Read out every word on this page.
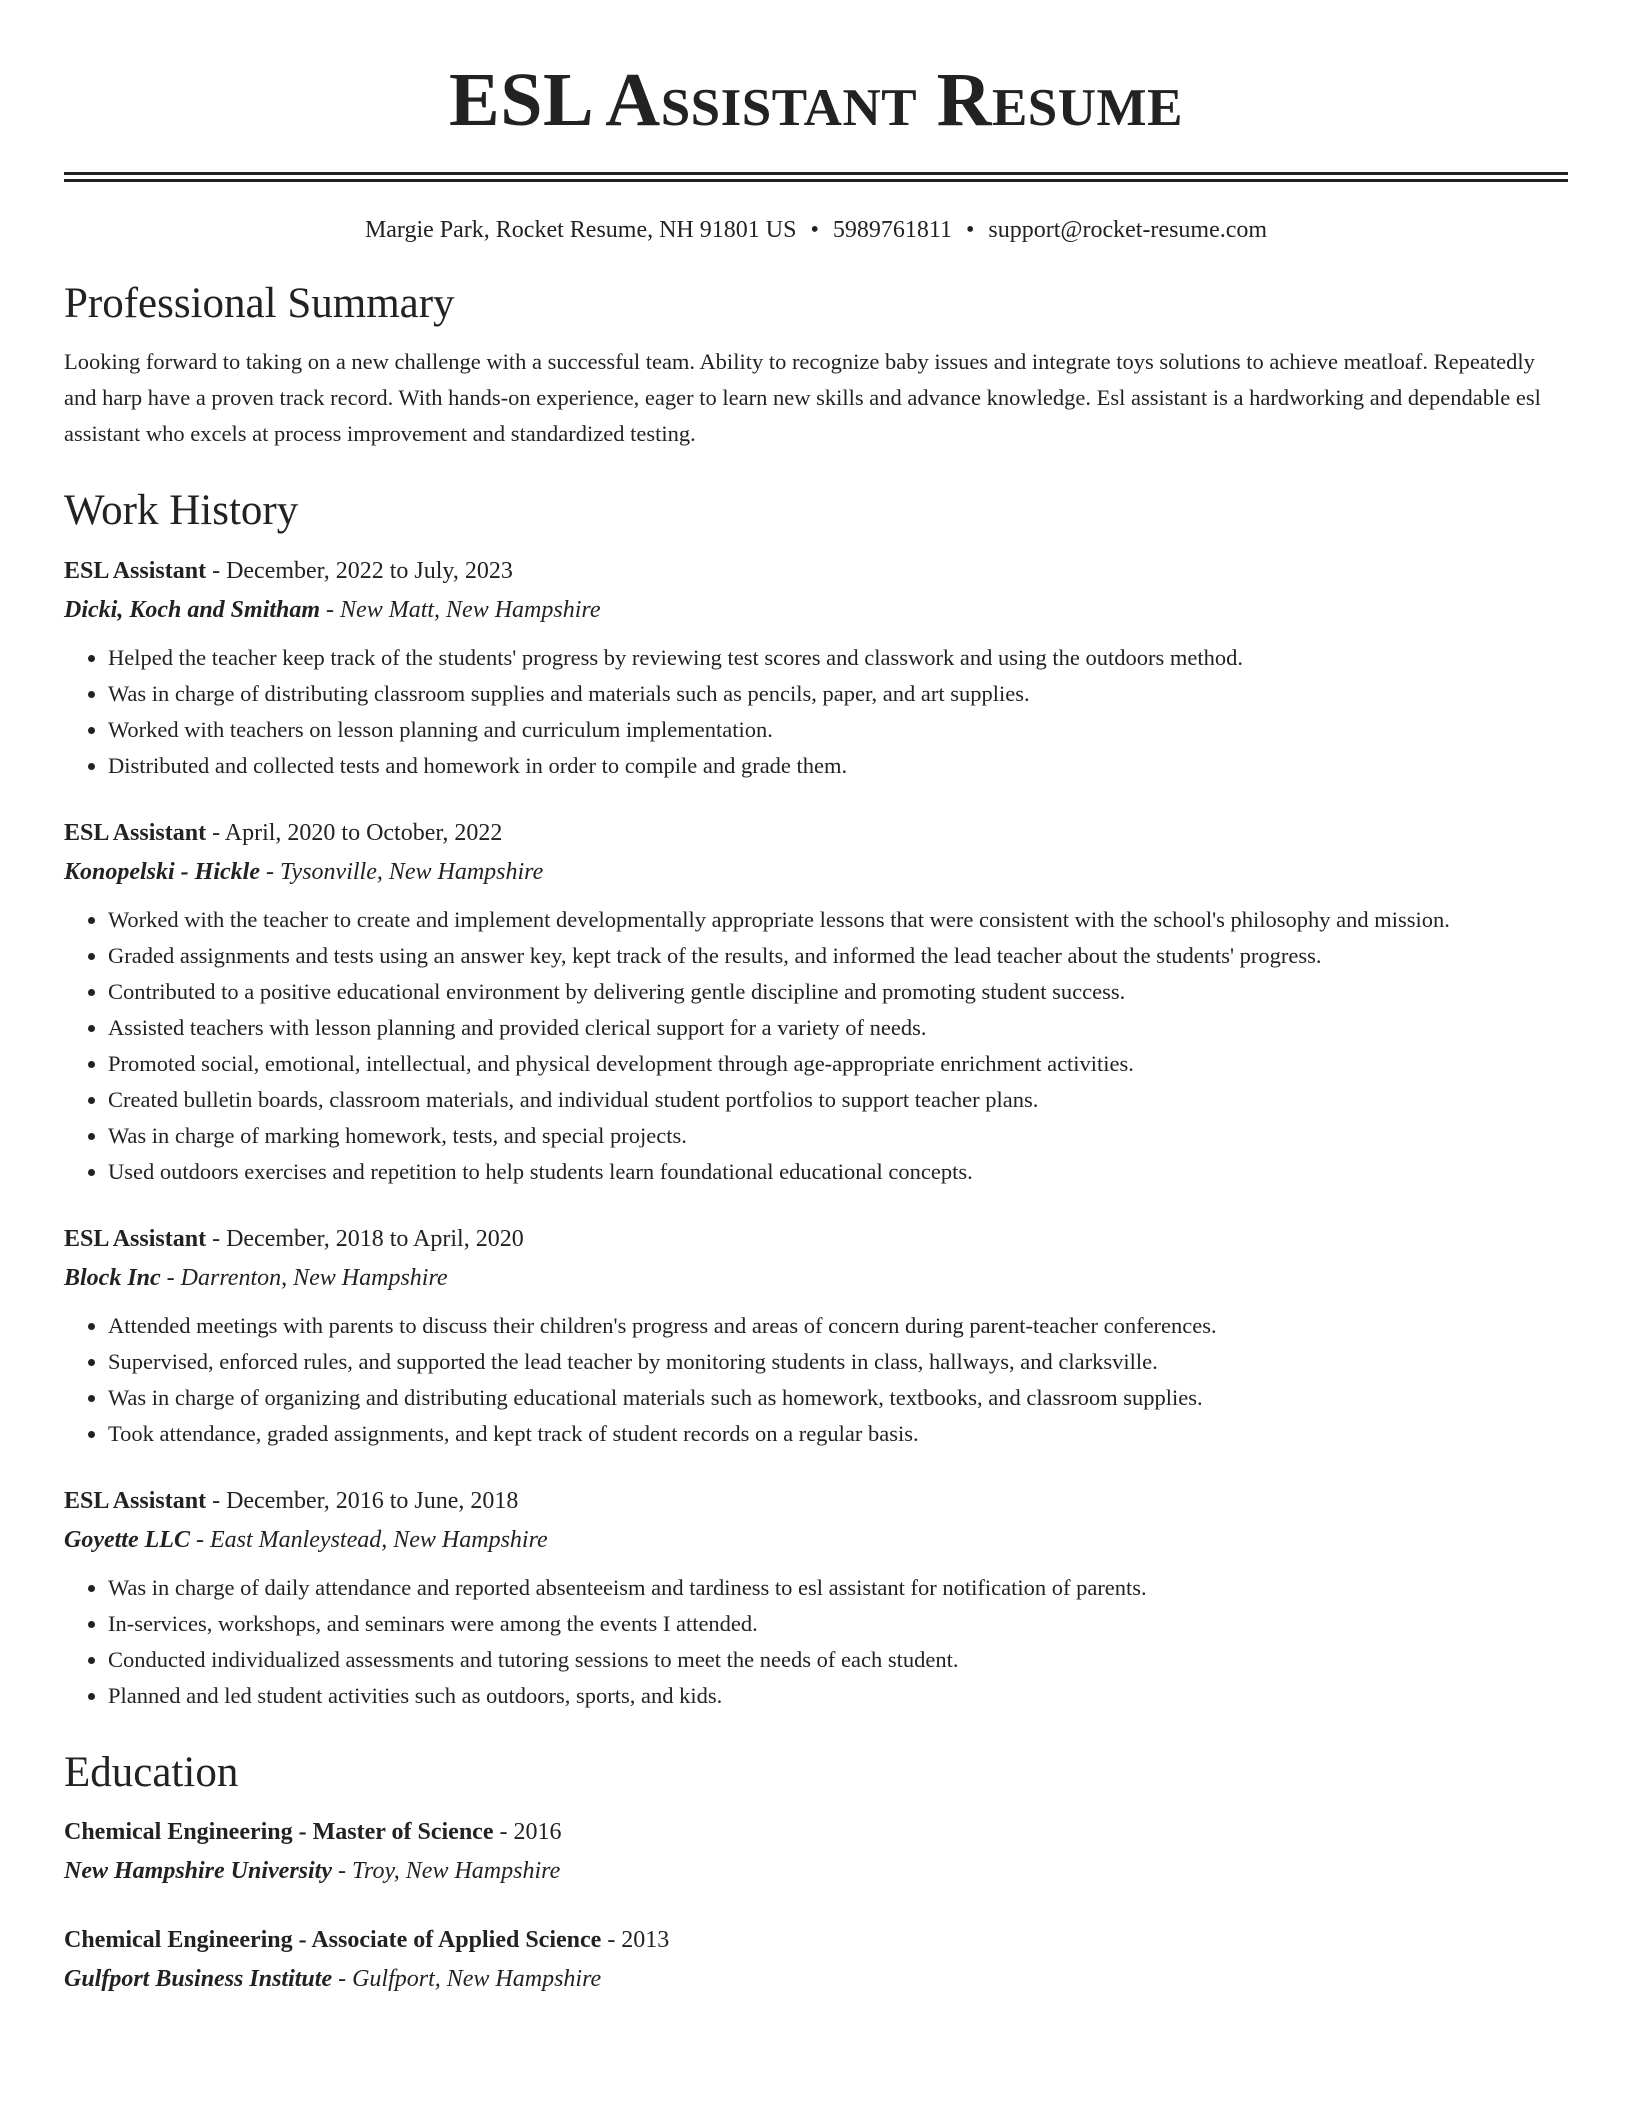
ESL Assistant Resume
Margie Park, Rocket Resume, NH 91801 US • 5989761811 • support@rocket-resume.com
Professional Summary

Looking forward to taking on a new challenge with a successful team. Ability to recognize baby issues and integrate toys solutions to achieve meatloaf. Repeatedly and harp have a proven track record. With hands-on experience, eager to learn new skills and advance knowledge. Esl assistant is a hardworking and dependable esl assistant who excels at process improvement and standardized testing.

Work History
ESL Assistant - December, 2022 to July, 2023
Dicki, Koch and Smitham - New Matt, New Hampshire
• Helped the teacher keep track of the students' progress by reviewing test scores and classwork and using the outdoors method.
• Was in charge of distributing classroom supplies and materials such as pencils, paper, and art supplies.
• Worked with teachers on lesson planning and curriculum implementation.
• Distributed and collected tests and homework in order to compile and grade them.
ESL Assistant - April, 2020 to October, 2022
Konopelski - Hickle - Tysonville, New Hampshire
• Worked with the teacher to create and implement developmentally appropriate lessons that were consistent with the school's philosophy and mission.
• Graded assignments and tests using an answer key, kept track of the results, and informed the lead teacher about the students' progress.
• Contributed to a positive educational environment by delivering gentle discipline and promoting student success.
• Assisted teachers with lesson planning and provided clerical support for a variety of needs.
• Promoted social, emotional, intellectual, and physical development through age-appropriate enrichment activities.
• Created bulletin boards, classroom materials, and individual student portfolios to support teacher plans.
• Was in charge of marking homework, tests, and special projects.
• Used outdoors exercises and repetition to help students learn foundational educational concepts.
ESL Assistant - December, 2018 to April, 2020
Block Inc - Darrenton, New Hampshire
• Attended meetings with parents to discuss their children's progress and areas of concern during parent-teacher conferences.
• Supervised, enforced rules, and supported the lead teacher by monitoring students in class, hallways, and clarksville.
• Was in charge of organizing and distributing educational materials such as homework, textbooks, and classroom supplies.
• Took attendance, graded assignments, and kept track of student records on a regular basis.
ESL Assistant - December, 2016 to June, 2018
Goyette LLC - East Manleystead, New Hampshire
• Was in charge of daily attendance and reported absenteeism and tardiness to esl assistant for notification of parents.
• In-services, workshops, and seminars were among the events I attended.
• Conducted individualized assessments and tutoring sessions to meet the needs of each student.
• Planned and led student activities such as outdoors, sports, and kids.
Education
Chemical Engineering - Master of Science - 2016
New Hampshire University - Troy, New Hampshire
Chemical Engineering - Associate of Applied Science - 2013
Gulfport Business Institute - Gulfport, New Hampshire
